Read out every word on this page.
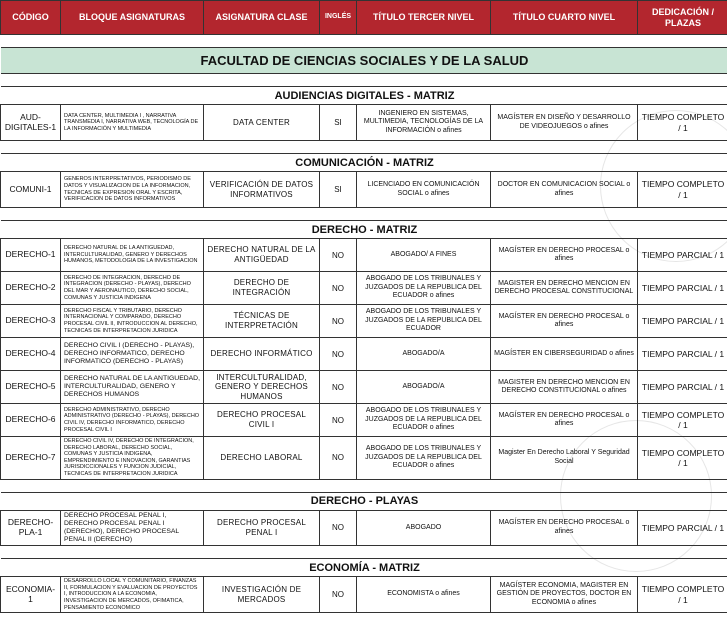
CÓDIGO	BLOQUE ASIGNATURAS	ASIGNATURA CLASE	INGLÉS	TÍTULO TERCER NIVEL	TÍTULO CUARTO NIVEL	DEDICACIÓN / PLAZAS

FACULTAD DE CIENCIAS SOCIALES Y DE LA SALUD						

AUDIENCIAS DIGITALES - MATRIZ						
AUD-
DIGITALES-1	DATA CENTER, MULTIMEDIA I , NARRATIVA TRANSMEDIA I, NARRATIVA WEB, TECNOLOGÍA DE LA INFORMACIÓN Y MULTIMEDIA	DATA CENTER	SI	INGENIERO EN SISTEMAS, MULTIMEDIA, TECNOLOGÍAS DE LA INFORMACIÓN o afines	MAGÍSTER EN DISEÑO Y DESARROLLO DE VIDEOJUEGOS o afines	TIEMPO COMPLETO / 1

COMUNICACIÓN - MATRIZ						
COMUNI-1	GENEROS INTERPRETATIVOS, PERIODISMO DE DATOS Y VISUALIZACION DE LA INFORMACION, TECNICAS DE EXPRESION ORAL Y ESCRITA, VERIFICACION DE DATOS INFORMATIVOS	VERIFICACIÓN DE DATOS INFORMATIVOS	SI	LICENCIADO EN COMUNICACIÓN SOCIAL o afines	DOCTOR EN COMUNICACION SOCIAL o afines	TIEMPO COMPLETO / 1

DERECHO - MATRIZ						
DERECHO-1	DERECHO NATURAL DE LA ANTIGUEDAD, INTERCULTURALIDAD, GENERO Y DERECHOS HUMANOS, METODOLOGIA DE LA INVESTIGACION	DERECHO NATURAL DE LA ANTIGÜEDAD	NO	ABOGADO/ A FINES	MAGÍSTER EN DERECHO PROCESAL o afines	TIEMPO PARCIAL / 1
DERECHO-2	DERECHO DE INTEGRACION, DERECHO DE INTEGRACION (DERECHO - PLAYAS), DERECHO DEL MAR Y AERONAUTICO, DERECHO SOCIAL, COMUNAS Y JUSTICIA INDIGENA	DERECHO DE INTEGRACIÓN	NO	ABOGADO DE LOS TRIBUNALES Y JUZGADOS DE LA REPUBLICA DEL ECUADOR o afines	MAGISTER EN DERECHO MENCION EN DERECHO PROCESAL CONSTITUCIONAL	TIEMPO PARCIAL / 1
DERECHO-3	DERECHO FISCAL Y TRIBUTARIO, DERECHO INTERNACIONAL Y COMPARADO, DERECHO PROCESAL CIVIL II, INTRODUCCION AL DERECHO, TECNICAS DE INTERPRETACION JURIDICA	TÉCNICAS DE INTERPRETACIÓN	NO	ABOGADO DE LOS TRIBUNALES Y JUZGADOS DE LA REPUBLICA DEL ECUADOR	MAGÍSTER EN DERECHO PROCESAL o afines	TIEMPO PARCIAL / 1
DERECHO-4	DERECHO CIVIL I (DERECHO - PLAYAS), DERECHO INFORMATICO, DERECHO INFORMATICO (DERECHO - PLAYAS)	DERECHO INFORMÁTICO	NO	ABOGADO/A	MAGÍSTER EN CIBERSEGURIDAD o afines	TIEMPO PARCIAL / 1
DERECHO-5	DERECHO NATURAL DE LA ANTIGUEDAD, INTERCULTURALIDAD, GENERO Y DERECHOS HUMANOS	INTERCULTURALIDAD, GENERO Y DERECHOS HUMANOS	NO	ABOGADO/A	MAGISTER EN DERECHO MENCION EN DERECHO CONSTITUCIONAL o afines	TIEMPO PARCIAL / 1
DERECHO-6	DERECHO ADMINISTRATIVO, DERECHO ADMINISTRATIVO (DERECHO - PLAYAS), DERECHO CIVIL IV, DERECHO INFORMATICO, DERECHO PROCESAL CIVIL I	DERECHO PROCESAL CIVIL I	NO	ABOGADO DE LOS TRIBUNALES Y JUZGADOS DE LA REPUBLICA DEL ECUADOR o afines	MAGÍSTER EN DERECHO PROCESAL o afines	TIEMPO COMPLETO / 1
DERECHO-7	DERECHO CIVIL IV, DERECHO DE INTEGRACION, DERECHO LABORAL, DERECHO SOCIAL, COMUNAS Y JUSTICIA INDIGENA, EMPRENDIMIENTO E INNOVACION, GARANTIAS JURISDICCIONALES Y FUNCION JUDICIAL, TECNICAS DE INTERPRETACION JURIDICA	DERECHO LABORAL	NO	ABOGADO DE LOS TRIBUNALES Y JUZGADOS DE LA REPUBLICA DEL ECUADOR o afines	Magister En Derecho Laboral Y Seguridad Social	TIEMPO COMPLETO / 1

DERECHO - PLAYAS						
DERECHO-
PLA-1	DERECHO PROCESAL PENAL I, DERECHO PROCESAL PENAL I (DERECHO), DERECHO PROCESAL PENAL II (DERECHO)	DERECHO PROCESAL PENAL I	NO	ABOGADO	MAGÍSTER EN DERECHO PROCESAL o afines	TIEMPO PARCIAL / 1

ECONOMÍA - MATRIZ						
ECONOMIA-1	DESARROLLO LOCAL Y COMUNITARIO, FINANZAS II, FORMULACION Y EVALUACION DE PROYECTOS I, INTRODUCCION A LA ECONOMIA, INVESTIGACION DE MERCADOS, OFIMATICA, PENSAMIENTO ECONOMICO	INVESTIGACIÓN DE MERCADOS	NO	ECONOMISTA o afines	MAGÍSTER ECONOMIA, MAGISTER EN GESTIÓN DE PROYECTOS, DOCTOR EN ECONOMIA o afines	TIEMPO COMPLETO / 1
